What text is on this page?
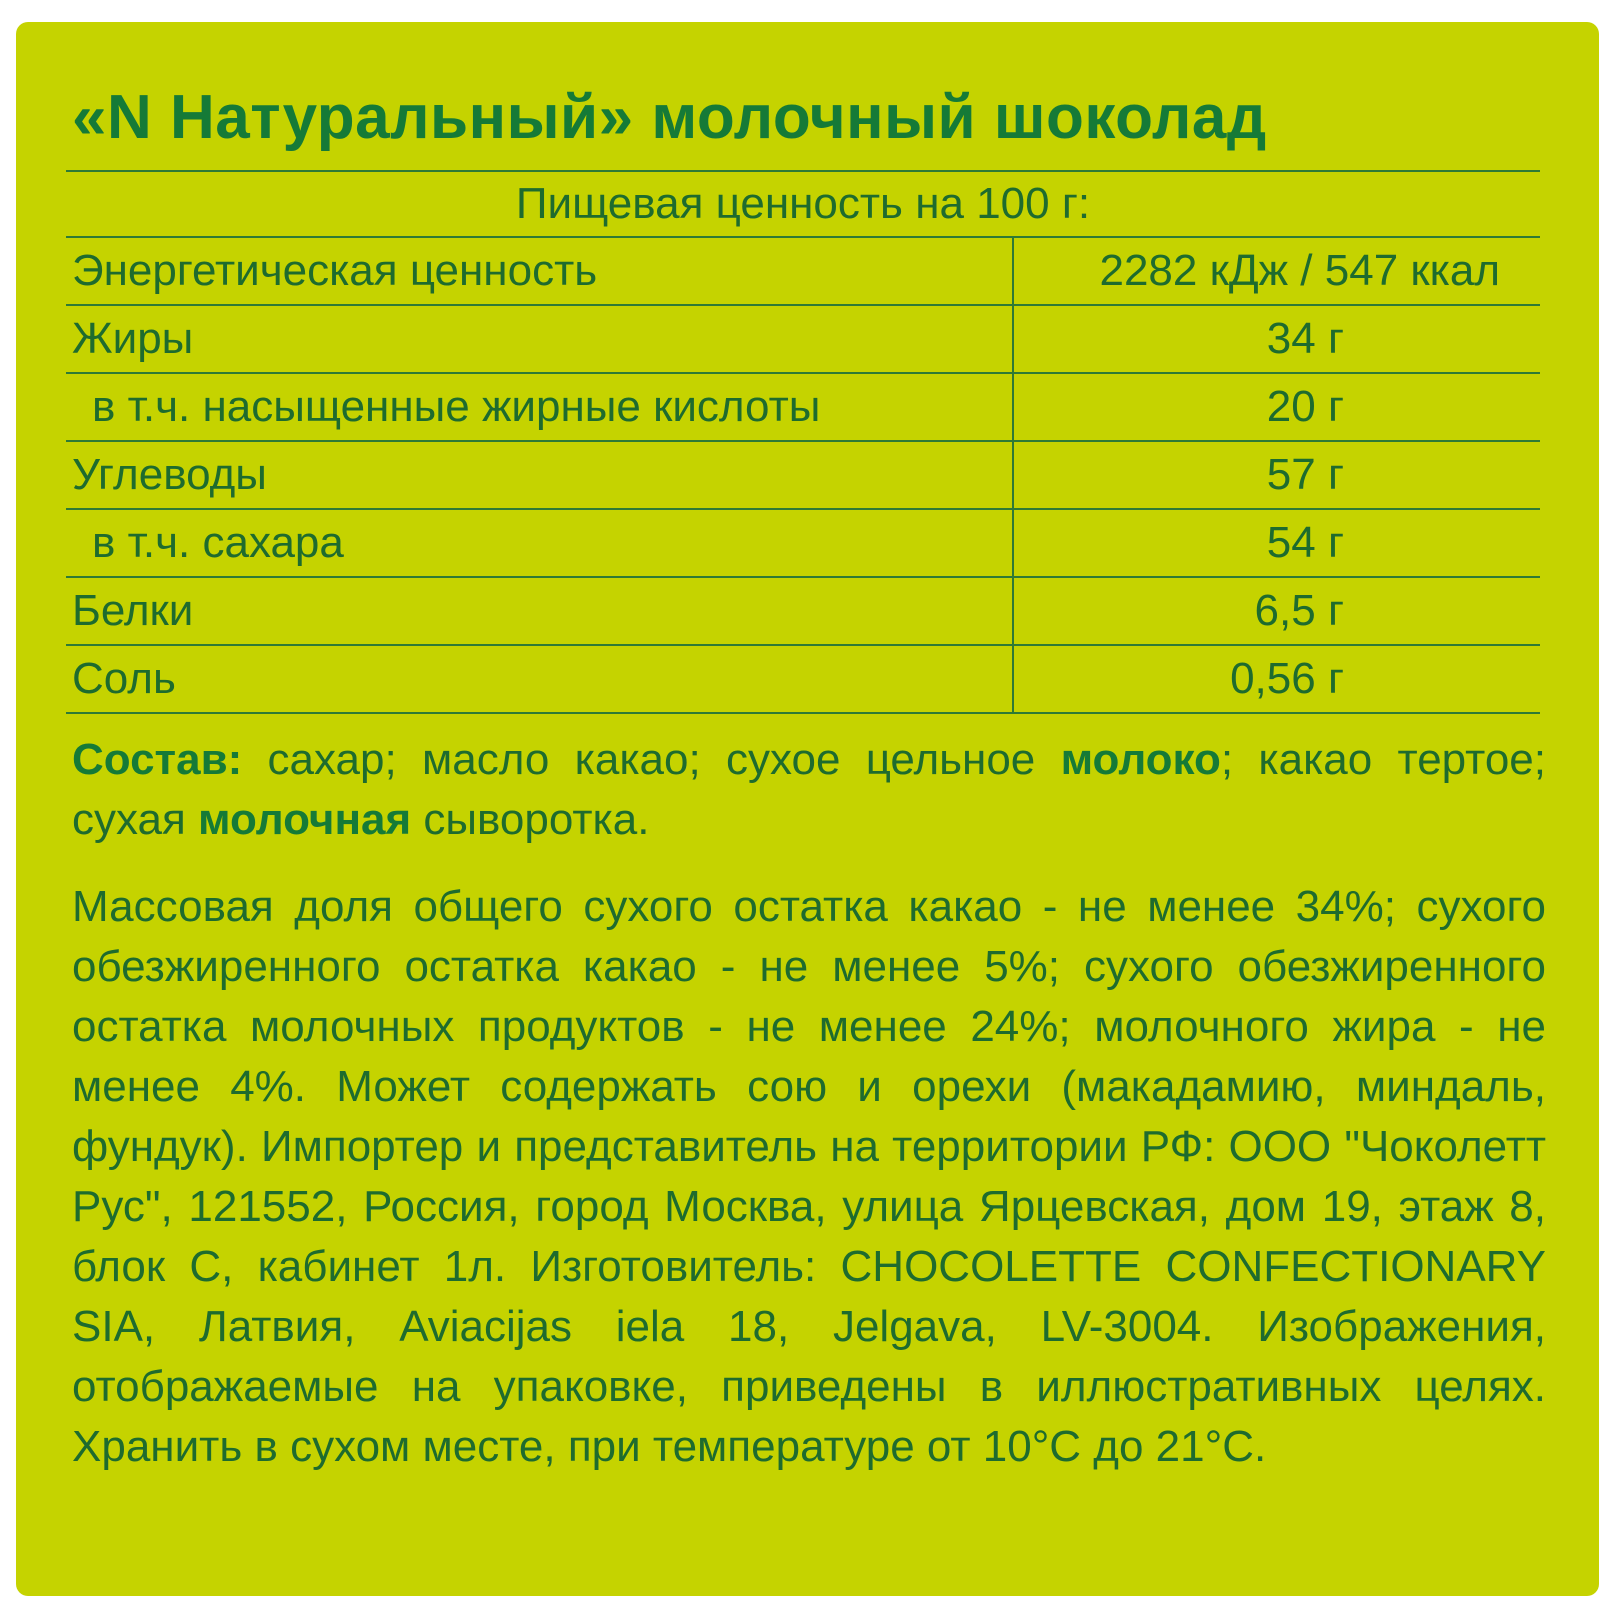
«N Натуральный» молочный шоколад
Пищевая ценность на 100 г:	
Энергетическая ценность	2282 кДж / 547 ккал
Жиры	34 г
в т.ч. насыщенные жирные кислоты	20 г
Углеводы	57 г
в т.ч. сахара	54 г
Белки	6,5 г
Соль	0,56 г
Состав: сахар; масло какао; сухое цельное молоко; какао тертое; сухая молочная сыворотка.
Массовая доля общего сухого остатка какао - не менее 34%; сухого обезжиренного остатка какао - не менее 5%; сухого обезжиренного остатка молочных продуктов - не менее 24%; молочного жира - не менее 4%. Может содержать сою и орехи (макадамию, миндаль, фундук). Импортер и представитель на территории РФ: ООО "Чоколетт Рус", 121552, Россия, город Москва, улица Ярцевская, дом 19, этаж 8, блок С, кабинет 1л. Изготовитель: CHOCOLETTE CONFECTIONARY SIA, Латвия, Aviacijas iela 18, Jelgava, LV-3004. Изображения, отображаемые на упаковке, приведены в иллюстративных целях. Хранить в сухом месте, при температуре от 10°С до 21°С.
